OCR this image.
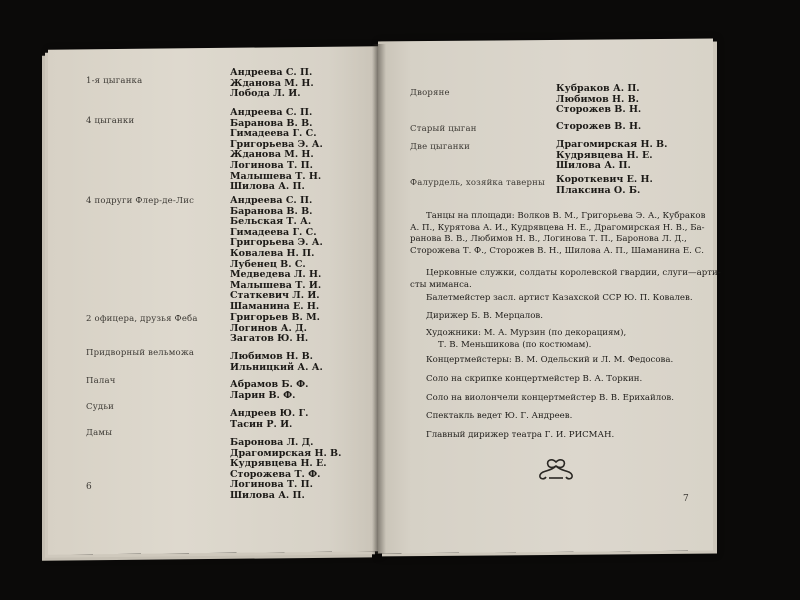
1-я цыганка
Андреева С. П.
Жданова М. Н.
Лобода Л. И.
4 цыганки
Андреева С. П.
Баранова В. В.
Гимадеева Г. С.
Григорьева Э. А.
Жданова М. Н.
Логинова Т. П.
Малышева Т. Н.
Шилова А. П.
4 подруги Флер-де-Лис	Андреева С. П.
Баранова В. В.
Бельская Т. А.
Гимадеева Г. С.
Григорьева Э. А.
Ковалева Н. П.
Лубенец В. С.
Медведева Л. Н.
Малышева Т. И.
Статкевич Л. И.
Шаманина Е. Н.
2 офицера, друзья Феба	Григорьев В. М.
Логинов А. Д.
Загатов Ю. Н.
Придворный вельможа	Любимов Н. В.
Ильницкий А. А.
Палач	Абрамов Б. Ф.
Ларин В. Ф.
Судьи
Андреев Ю. Г.
Тасин Р. И.
Дамы
Баронова Л. Д.
Драгомирская Н. В.
Кудрявцева Н. Е.
Сторожева Т. Ф.
Логинова Т. П.
Шилова А. П.
6
Дворяне	Кубраков А. П.
Любимов Н. В.
Сторожев В. Н.
Старый цыган	Сторожев В. Н.
Две цыганки	Драгомирская Н. В.
Кудрявцева Н. Е.
Шилова А. П.
Фалурдель, хозяйка таверны Короткевич Е. Н.
Плаксина О. Б.
Танцы на площади: Волков В. М., Григорьева Э. А., Кубраков
А. П., Курятова А. И., Кудрявцева Н. Е., Драгомирская Н. В., Ба-
ранова В. В., Любимов Н. В., Логинова Т. П., Баронова Л. Д.,
Сторожева Т. Ф., Сторожев В. Н., Шилова А. П., Шаманина Е. С.
Церковные служки, солдаты королевской гвардии, слуги—арти-
сты миманса.
Балетмейстер засл. артист Казахской ССР Ю. П. Ковалев.
Дирижер Б. В. Мерцалов.
Художники: М. А. Мурзин (по декорациям),
Т. В. Меньшикова (по костюмам).
Концертмейстеры: В. М. Одельский и Л. М. Федосова.
Соло на скрипке концертмейстер В. А. Торкин.
Соло на виолончели концертмейстер В. В. Ерихайлов.
Спектакль ведет Ю. Г. Андреев.
Главный дирижер театра Г. И. РИСМАН.
7
